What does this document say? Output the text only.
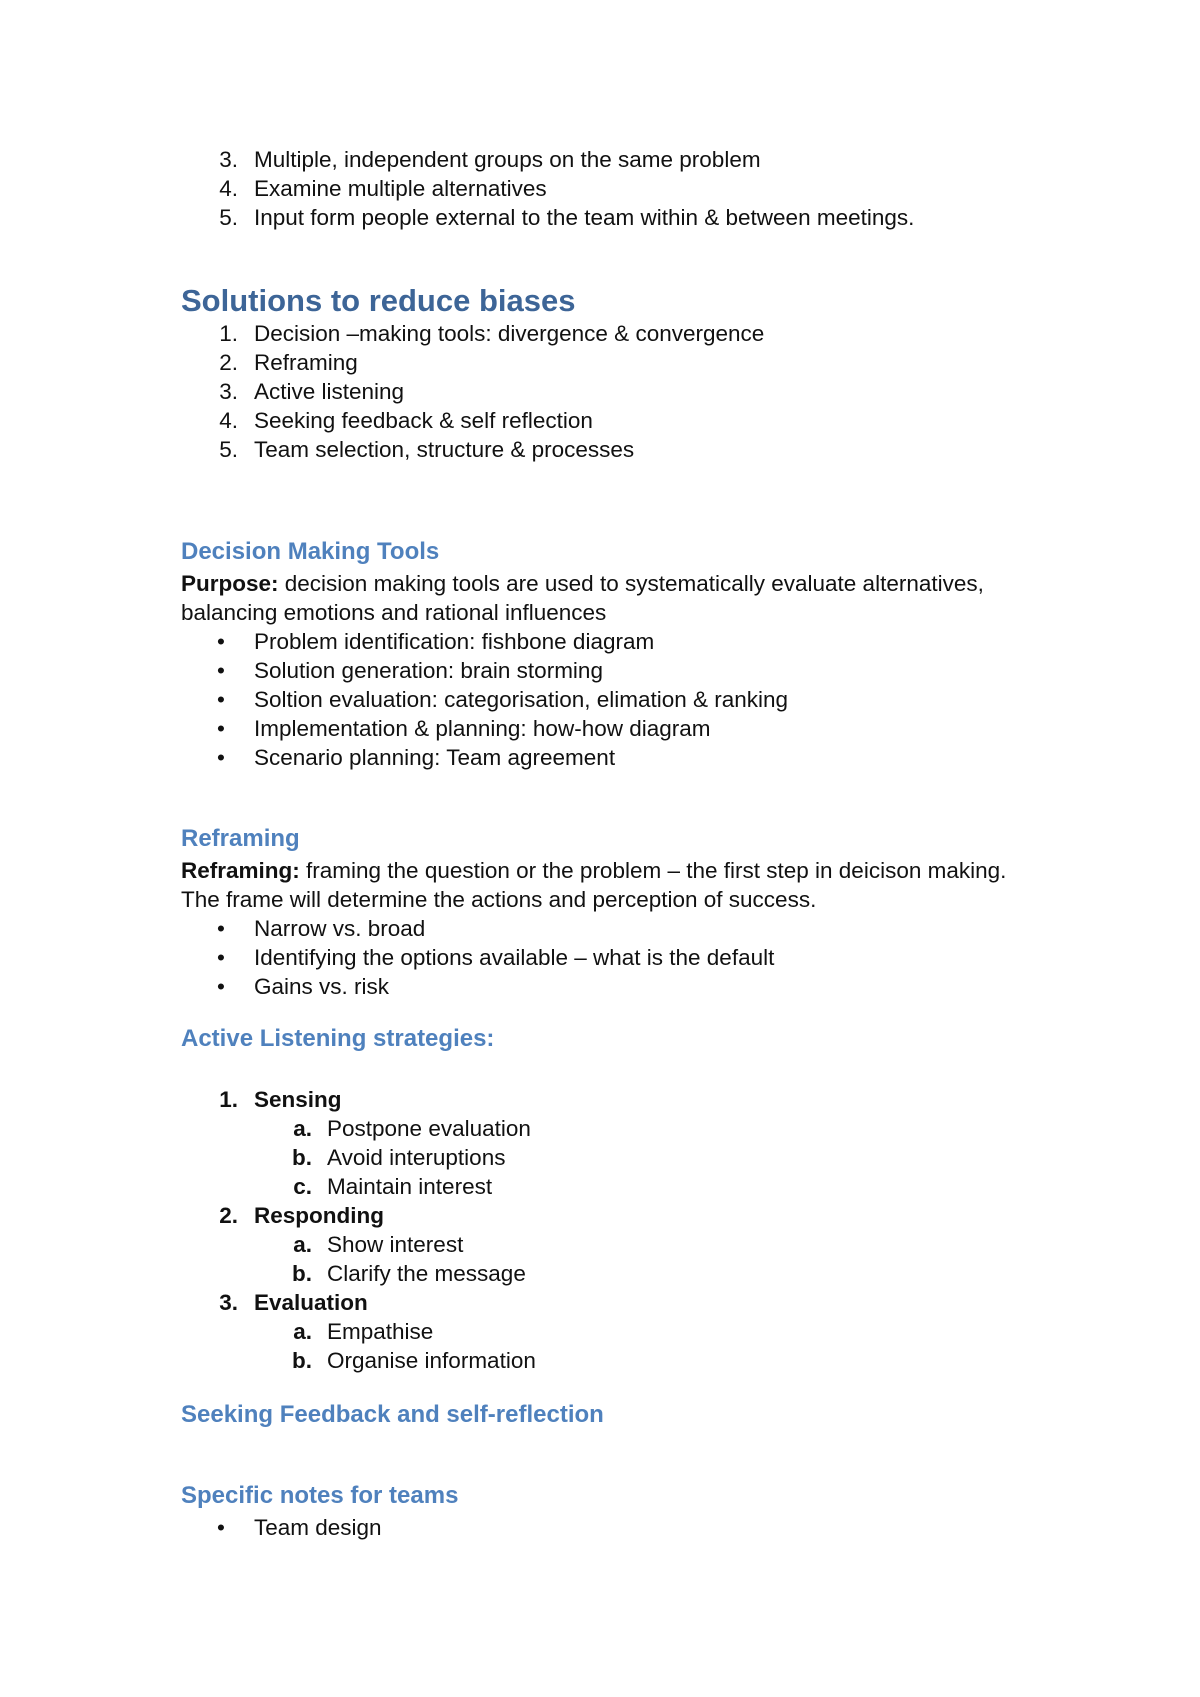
3. Multiple, independent groups on the same problem
4. Examine multiple alternatives
5. Input form people external to the team within & between meetings.
Solutions to reduce biases
1. Decision –making tools: divergence & convergence
2. Reframing
3. Active listening
4. Seeking feedback & self reflection
5. Team selection, structure & processes
Decision Making Tools

Purpose: decision making tools are used to systematically evaluate alternatives, balancing emotions and rational influences

• Problem identification: fishbone diagram
• Solution generation: brain storming
• Soltion evaluation: categorisation, elimation & ranking
• Implementation & planning: how-how diagram
• Scenario planning: Team agreement
Reframing

Reframing: framing the question or the problem – the first step in deicison making. The frame will determine the actions and perception of success.

• Narrow vs. broad
• Identifying the options available – what is the default
• Gains vs. risk
Active Listening strategies:
1. Sensing
a. Postpone evaluation
b. Avoid interuptions
c. Maintain interest
2. Responding
a. Show interest
b. Clarify the message
3. Evaluation
a. Empathise
b. Organise information
Seeking Feedback and self-reflection
Specific notes for teams
• Team design
